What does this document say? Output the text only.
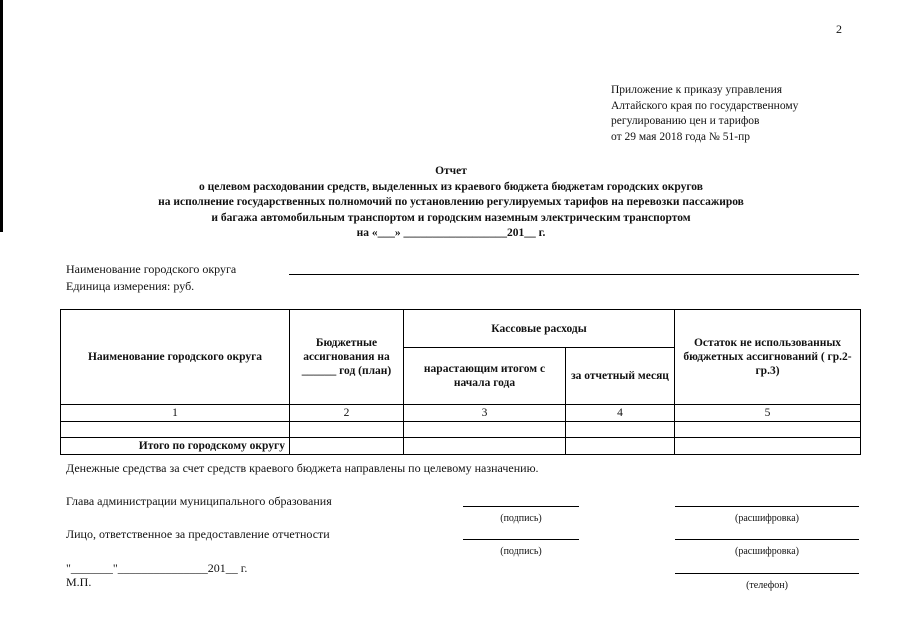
2
Приложение к приказу управления
Алтайского края по государственному
регулированию цен и тарифов
от 29 мая 2018 года № 51-пр
Отчет
о целевом расходовании средств, выделенных из краевого бюджета бюджетам городских округов
на исполнение государственных полномочий по установлению регулируемых тарифов на перевозки пассажиров
и багажа автомобильным транспортом и городским наземным электрическим транспортом
на «___» __________________201__ г.
Наименование городского округа
Единица измерения: руб.
Наименование городского округа	Бюджетные ассигнования на ______ год (план)	Кассовые расходы		Остаток не использованных бюджетных ассигнований ( гр.2- гр.3)
		нарастающим итогом с начала года	за отчетный месяц	
1	2	3	4	5

Итого по городскому округу				
Денежные средства за счет средств краевого бюджета направлены по целевому назначению.
Глава администрации муниципального образования
(подпись)	(расшифровка)
Лицо, ответственное за предоставление отчетности
(подпись)	(расшифровка)
"_______"_______________201__ г.
М.П.	(телефон)
